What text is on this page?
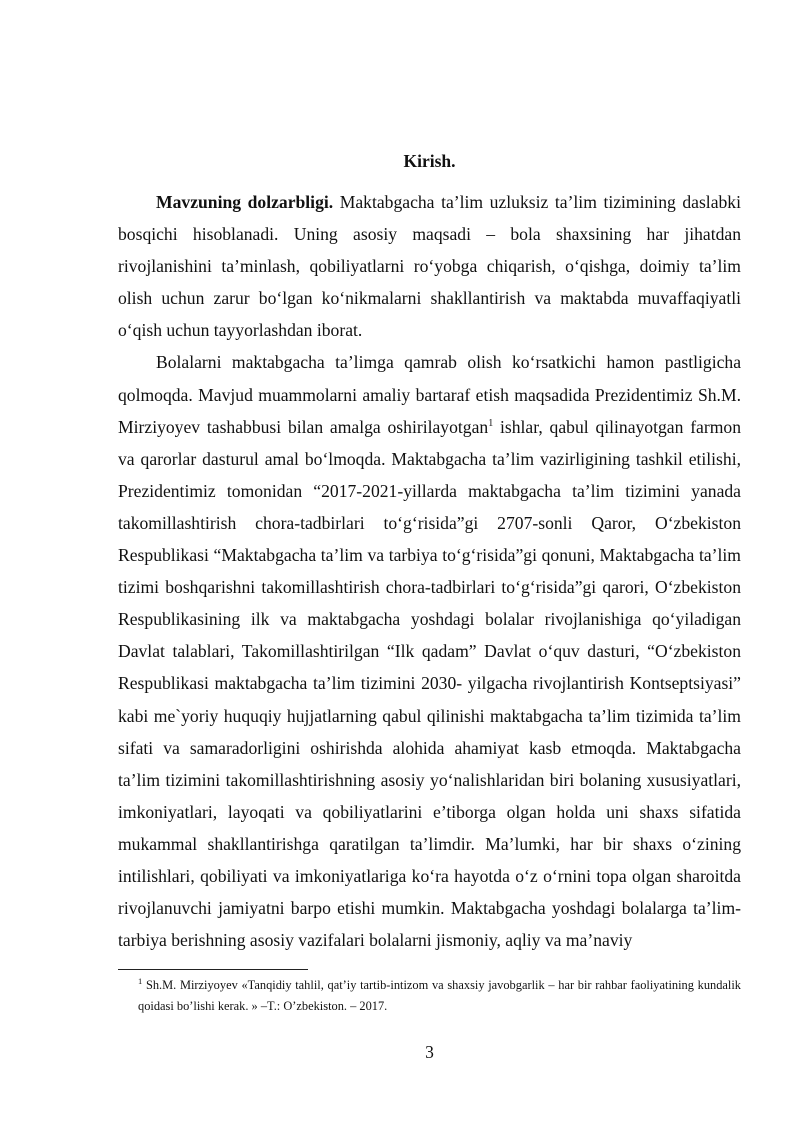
Kirish.

Mavzuning dolzarbligi. Maktabgacha ta’lim uzluksiz ta’lim tizimining daslabki bosqichi hisoblanadi. Uning asosiy maqsadi – bola shaxsining har jihatdan rivojlanishini ta’minlash, qobiliyatlarni ro‘yobga chiqarish, o‘qishga, doimiy ta’lim olish uchun zarur bo‘lgan ko‘nikmalarni shakllantirish va maktabda muvaffaqiyatli o‘qish uchun tayyorlashdan iborat.

Bolalarni maktabgacha ta’limga qamrab olish ko‘rsatkichi hamon pastligicha qolmoqda. Mavjud muammolarni amaliy bartaraf etish maqsadida Prezidentimiz Sh.M. Mirziyoyev tashabbusi bilan amalga oshirilayotgan$^1$ ishlar, qabul qilinayotgan farmon va qarorlar dasturul amal bo‘lmoqda. Maktabgacha ta’lim vazirligining tashkil etilishi, Prezidentimiz tomonidan “2017-2021-yillarda maktabgacha ta’lim tizimini yanada takomillashtirish chora-tadbirlari to‘g‘risida”gi 2707-sonli Qaror, O‘zbekiston Respublikasi “Maktabgacha ta’lim va tarbiya to‘g‘risida”gi qonuni, Maktabgacha ta’lim tizimi boshqarishni takomillashtirish chora-tadbirlari to‘g‘risida”gi qarori, O‘zbekiston Respublikasining ilk va maktabgacha yoshdagi bolalar rivojlanishiga qo‘yiladigan Davlat talablari, Takomillashtirilgan “Ilk qadam” Davlat o‘quv dasturi, “O‘zbekiston Respublikasi maktabgacha ta’lim tizimini 2030- yilgacha rivojlantirish Kontseptsiyasi” kabi me`yoriy huquqiy hujjatlarning qabul qilinishi maktabgacha ta’lim tizimida ta’lim sifati va samaradorligini oshirishda alohida ahamiyat kasb etmoqda. Maktabgacha ta’lim tizimini takomillashtirishning asosiy yo‘nalishlaridan biri bolaning xususiyatlari, imkoniyatlari, layoqati va qobiliyatlarini e’tiborga olgan holda uni shaxs sifatida mukammal shakllantirishga qaratilgan ta’limdir. Ma’lumki, har bir shaxs o‘zining intilishlari, qobiliyati va imkoniyatlariga ko‘ra hayotda o‘z o‘rnini topa olgan sharoitda rivojlanuvchi jamiyatni barpo etishi mumkin. Maktabgacha yoshdagi bolalarga ta’lim-tarbiya berishning asosiy vazifalari bolalarni jismoniy, aqliy va ma’naviy

$^1$ Sh.M. Mirziyoyev «Tanqidiy tahlil, qat’iy tartib-intizom va shaxsiy javobgarlik – har bir rahbar faoliyatining kundalik qoidasi bo’lishi kerak. » –T.: O’zbekiston. – 2017.
3
